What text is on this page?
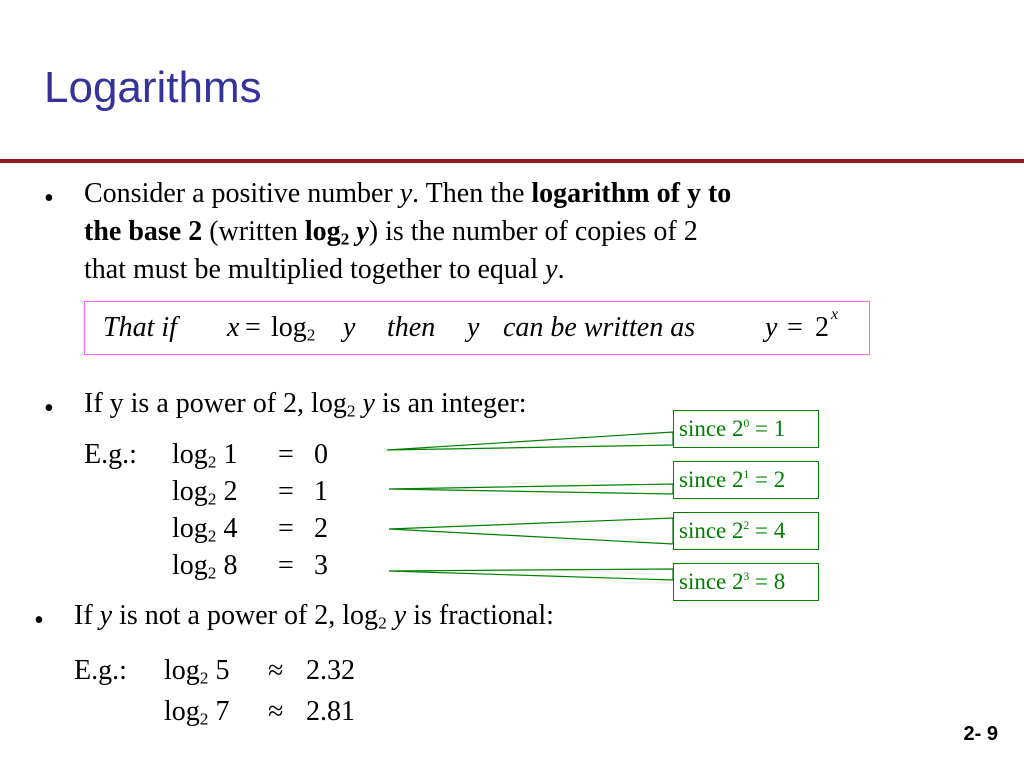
Logarithms
• Consider a positive number y. Then the logarithm of y to
the base 2 (written $\log_2 y$) is the number of copies of 2
that must be multiplied together to equal y.
That if $x = \log_2 y$ then y can be written as y = 2 x
• If y is a power of 2, $\log_2 y$ is an integer:
E.g.: $\log_2 1 = 0$
$\log_2 2 = 1$
$\log_2 4 = 2$
$\log_2 8 = 3$
since $2^0 = 1$
since $2^1 = 2$
since $2^2 = 4$
since $2^3 = 8$
• If y is not a power of 2, $\log_2 y$ is fractional:
E.g.: $\log_2 5 \approx 2.32$
$\log_2 7 \approx 2.81$
2- 9
